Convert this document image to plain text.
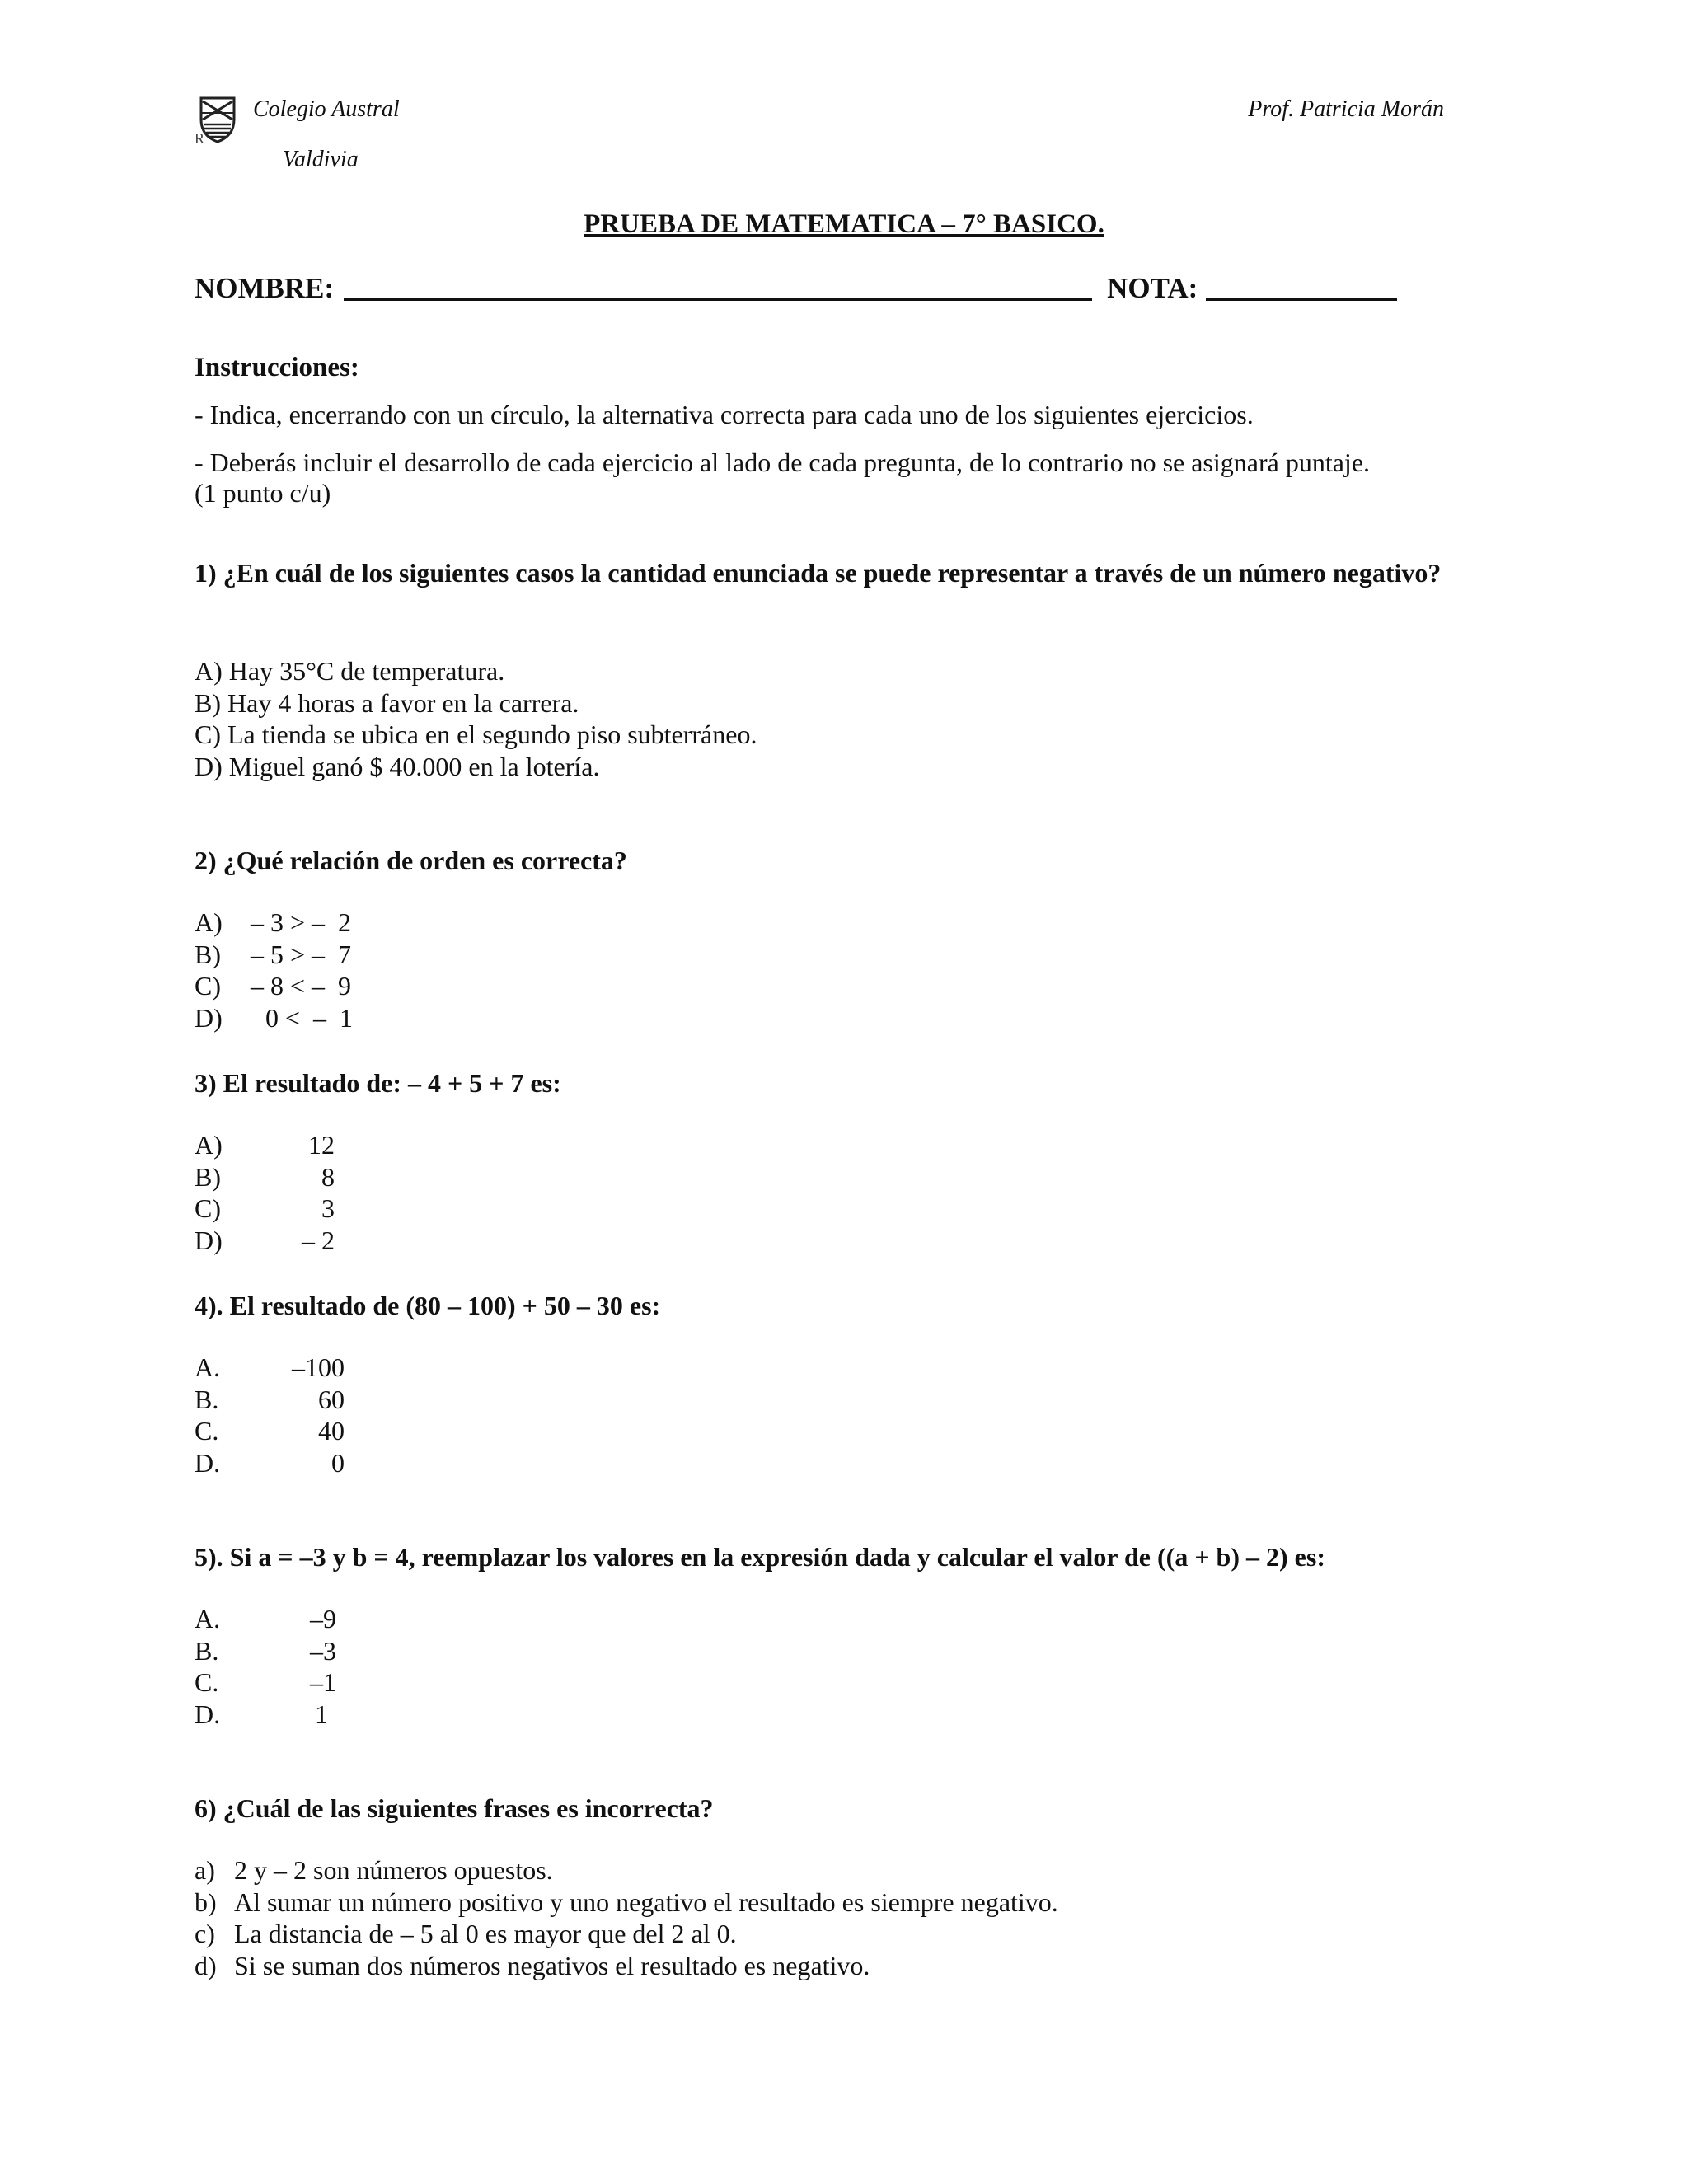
R
Colegio Austral
Valdivia
Prof. Patricia Morán
PRUEBA DE MATEMATICA – 7° BASICO.
NOMBRE:	NOTA:
Instrucciones:
- Indica, encerrando con un círculo, la alternativa correcta para cada uno de los siguientes ejercicios.
- Deberás incluir el desarrollo de cada ejercicio al lado de cada pregunta, de lo contrario no se asignará puntaje.
(1 punto c/u)
1) ¿En cuál de los siguientes casos la cantidad enunciada se puede representar a través de un número negativo?
A) Hay 35°C de temperatura.
B) Hay 4 horas a favor en la carrera.
C) La tienda se ubica en el segundo piso subterráneo.
D) Miguel ganó $ 40.000 en la lotería.
2) ¿Qué relación de orden es correcta?
A) – 3 > –  2
B) – 5 > –  7
C) – 8 < –  9
D) 0 <  –  1
3) El resultado de: – 4 + 5 + 7 es:
A)	12
B)	8
C)	3
D)	– 2
4). El resultado de (80 – 100) + 50 – 30 es:
A.	–100
B.	60
C.	40
D.	0
5). Si a = –3 y b = 4, reemplazar los valores en la expresión dada y calcular el valor de ((a + b) – 2) es:
A.	–9
B.	–3
C.	–1
D.	1
6) ¿Cuál de las siguientes frases es incorrecta?
a) 2 y – 2 son números opuestos.
b) Al sumar un número positivo y uno negativo el resultado es siempre negativo.
c) La distancia de – 5 al 0 es mayor que del 2 al 0.
d) Si se suman dos números negativos el resultado es negativo.
